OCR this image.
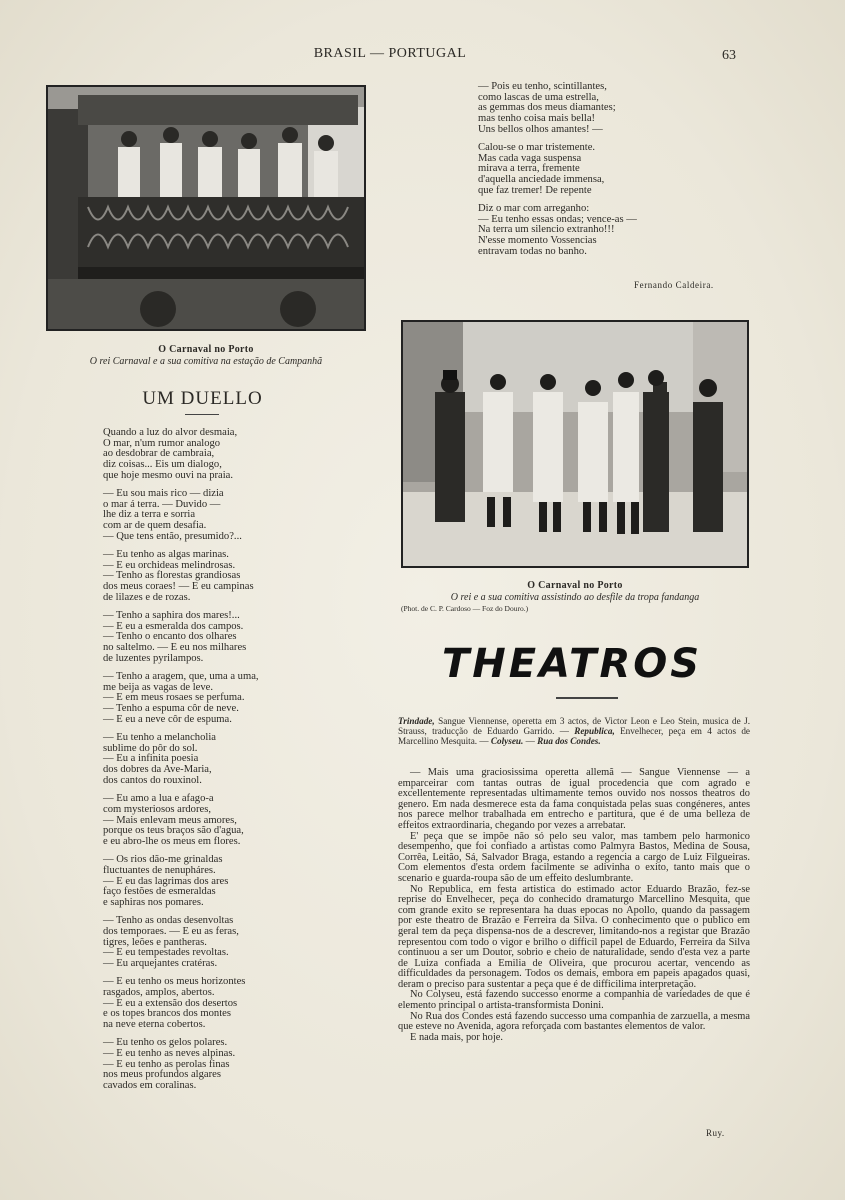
BRASIL — PORTUGAL	63
O Carnaval no Porto
O rei Carnaval e a sua comitiva na estação de Campanhã
O Carnaval no Porto
O rei e a sua comitiva assistindo ao desfile da tropa fandanga
(Phot. de C. P. Cardoso — Foz do Douro.)
UM DUELLO
Quando a luz do alvor desmaia,
O mar, n'um rumor analogo
ao desdobrar de cambraia,
diz coisas... Eis um dialogo,
que hoje mesmo ouvi na praia.
— Eu sou mais rico — dizia
o mar á terra. — Duvido —
lhe diz a terra e sorria
com ar de quem desafia.
— Que tens então, presumido?...
— Eu tenho as algas marinas.
— E eu orchideas melindrosas.
— Tenho as florestas grandiosas
dos meus coraes! — E eu campinas
de lilazes e de rozas.
— Tenho a saphira dos mares!...
— E eu a esmeralda dos campos.
— Tenho o encanto dos olhares
no saltelmo. — E eu nos milhares
de luzentes pyrilampos.
— Tenho a aragem, que, uma a uma,
me beija as vagas de leve.
— E em meus rosaes se perfuma.
— Tenho a espuma côr de neve.
— E eu a neve côr de espuma.
— Eu tenho a melancholia
sublime do pôr do sol.
— Eu a infinita poesia
dos dobres da Ave-Maria,
dos cantos do rouxinol.
— Eu amo a lua e afago-a
com mysteriosos ardores,
— Mais enlevam meus amores,
porque os teus braços são d'agua,
e eu abro-lhe os meus em flores.
— Os rios dão-me grinaldas
fluctuantes de nenupháres.
— E eu das lagrimas dos ares
faço festões de esmeraldas
e saphiras nos pomares.
— Tenho as ondas desenvoltas
dos temporaes. — E eu as feras,
tigres, leões e pantheras.
— E eu tempestades revoltas.
— Eu arquejantes cratéras.
— E eu tenho os meus horizontes
rasgados, amplos, abertos.
— E eu a extensão dos desertos
e os topes brancos dos montes
na neve eterna cobertos.
— Eu tenho os gelos polares.
— E eu tenho as neves alpinas.
— E eu tenho as perolas finas
nos meus profundos algares
cavados em coralinas.
— Pois eu tenho, scintillantes,
como lascas de uma estrella,
as gemmas dos meus diamantes;
mas tenho coisa mais bella!
Uns bellos olhos amantes! —
Calou-se o mar tristemente.
Mas cada vaga suspensa
mirava a terra, fremente
d'aquella anciedade immensa,
que faz tremer! De repente
Diz o mar com arreganho:
— Eu tenho essas ondas; vence-as —
Na terra um silencio extranho!!!
N'esse momento Vossencias
entravam todas no banho.
Fernando Caldeira.
THEATROS
Trindade, Sangue Viennense, operetta em 3 actos, de Victor Leon e Leo Stein, musica de J. Strauss, traducção de Eduardo Garrido. — Republica, Envelhecer, peça em 4 actos de Marcellino Mesquita. — Colyseu. — Rua dos Condes.

— Mais uma graciosissima operetta allemã — Sangue Viennense — a emparceirar com tantas outras de igual procedencia que com agrado e excellentemente representadas ultimamente temos ouvido nos nossos theatros do genero. Em nada desmerece esta da fama conquistada pelas suas congéneres, antes nos parece melhor trabalhada em entrecho e partitura, que é de uma belleza de effeitos extraordinaria, chegando por vezes a arrebatar.

E' peça que se impõe não só pelo seu valor, mas tambem pelo harmonico desempenho, que foi confiado a artistas como Palmyra Bastos, Medina de Sousa, Corrêa, Leitão, Sá, Salvador Braga, estando a regencia a cargo de Luiz Filgueiras. Com elementos d'esta ordem facilmente se adivinha o exito, tanto mais que o scenario e guarda-roupa são de um effeito deslumbrante.

No Republica, em festa artistica do estimado actor Eduardo Brazão, fez-se reprise do Envelhecer, peça do conhecido dramaturgo Marcellino Mesquita, que com grande exito se representara ha duas epocas no Apollo, quando da passagem por este theatro de Brazão e Ferreira da Silva. O conhecimento que o publico em geral tem da peça dispensa-nos de a descrever, limitando-nos a registar que Brazão representou com todo o vigor e brilho o difficil papel de Eduardo, Ferreira da Silva continuou a ser um Doutor, sobrio e cheio de naturalidade, sendo d'esta vez a parte de Luiza confiada a Emilia de Oliveira, que procurou acertar, vencendo as difficuldades da personagem. Todos os demais, embora em papeis apagados quasi, deram o preciso para sustentar a peça que é de difficilima interpretação.

No Colyseu, está fazendo successo enorme a companhia de variedades de que é elemento principal o artista-transformista Donini.

No Rua dos Condes está fazendo successo uma companhia de zarzuella, a mesma que esteve no Avenida, agora reforçada com bastantes elementos de valor.

E nada mais, por hoje.

Ruy.
